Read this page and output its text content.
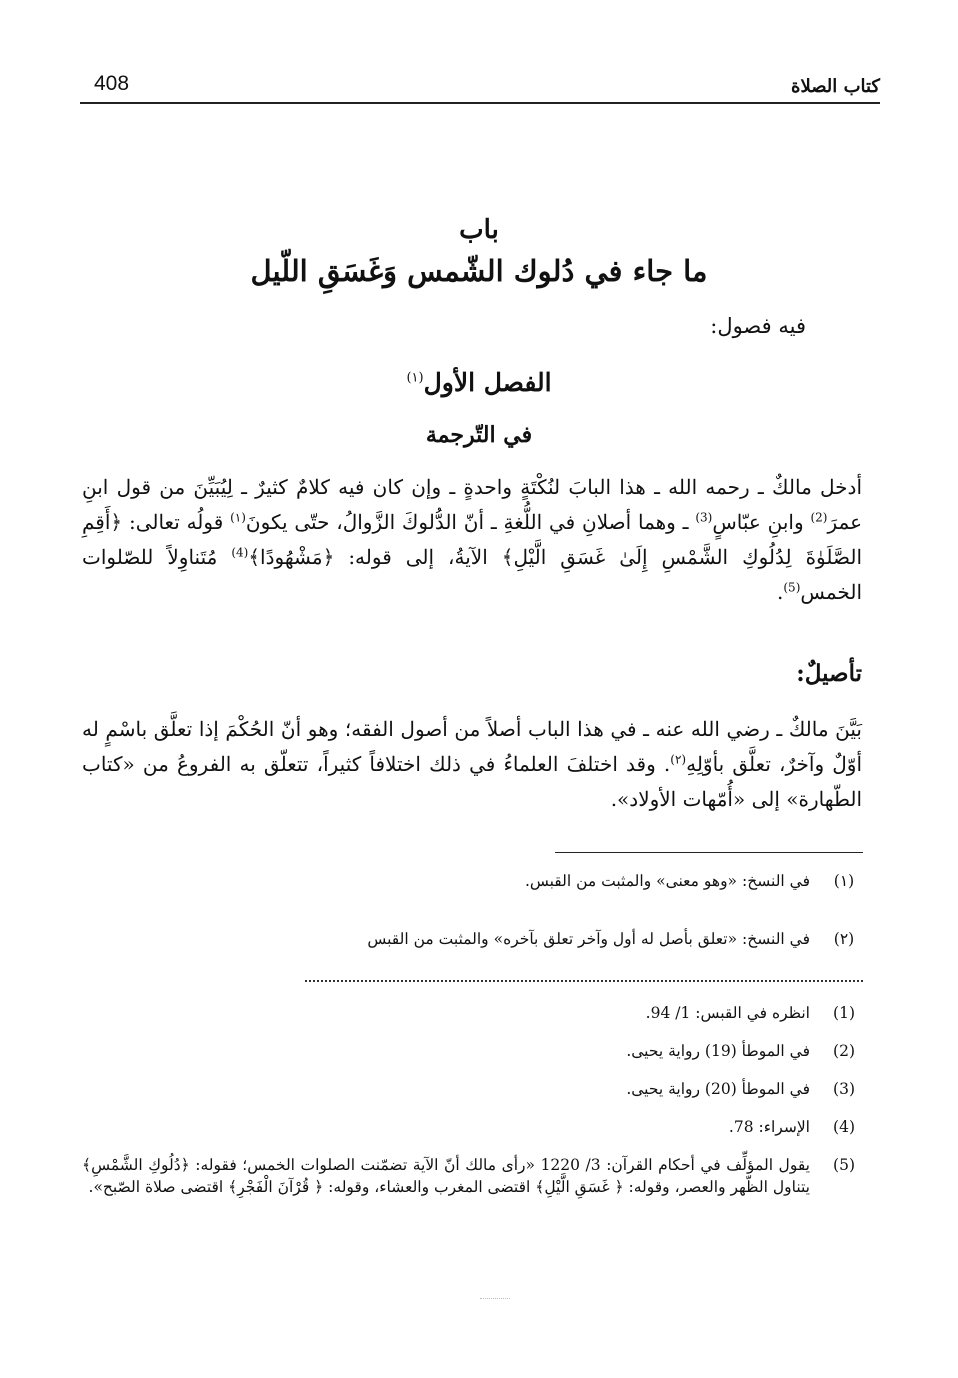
كتاب الصلاة
408
باب
ما جاء في دُلوك الشّمس وَغَسَقِ اللّيل
فيه فصول:
الفصل الأول$^{(١)}$
في التّرجمة
أدخل مالكٌ ـ رحمه الله ـ هذا البابَ لنُكْتَةٍ واحدةٍ ـ وإن كان فيه كلامٌ كثيرٌ ـ لِيُبَيِّنَ من قول ابنِ عمرَ$^{(2)}$ وابنِ عبّاسٍ$^{(3)}$ ـ وهما أصلانِ في اللُّغةِ ـ أنّ الدُّلوكَ الزَّوالُ، حتّى يكونَ$^{(١)}$ قولُه تعالى: ﴿أَقِمِ الصَّلَوٰةَ لِدُلُوكِ الشَّمْسِ إِلَىٰ غَسَقِ الَّيْلِ﴾ الآيةُ، إلى قوله: ﴿مَشْهُودًا﴾$^{(4)}$ مُتَناوِلاً للصّلوات الخمس$^{(5)}$.
تأصيلٌ:
بَيَّنَ مالكٌ ـ رضي الله عنه ـ في هذا الباب أصلاً من أصول الفقه؛ وهو أنّ الحُكْمَ إذا تعلَّق باسْمٍ له أوّلٌ وآخرٌ، تعلَّق بأوّلِهِ$^{(٢)}$. وقد اختلفَ العلماءُ في ذلك اختلافاً كثيراً، تتعلّق به الفروعُ من «كتاب الطّهارة» إلى «أُمّهات الأولاد».
(١)
في النسخ: «وهو معنى» والمثبت من القبس.
(٢)
في النسخ: «تعلق بأصل له أول وآخر تعلق بآخره» والمثبت من القبس
(1)
انظره في القبس: 1/ 94.
(2)
في الموطأ (19) رواية يحيى.
(3)
في الموطأ (20) رواية يحيى.
(4)
الإسراء: 78.
(5)
يقول المؤلِّف في أحكام القرآن: 3/ 1220 «رأى مالك أنّ الآية تضمّنت الصلوات الخمس؛ فقوله: ﴿دُلُوكِ الشَّمْسِ﴾ يتناول الظّهر والعصر، وقوله: ﴿ غَسَقِ الَّيْلِ﴾ اقتضى المغرب والعشاء، وقوله: ﴿ قُرْآنَ الْفَجْرِ﴾ اقتضى صلاة الصّبح».
